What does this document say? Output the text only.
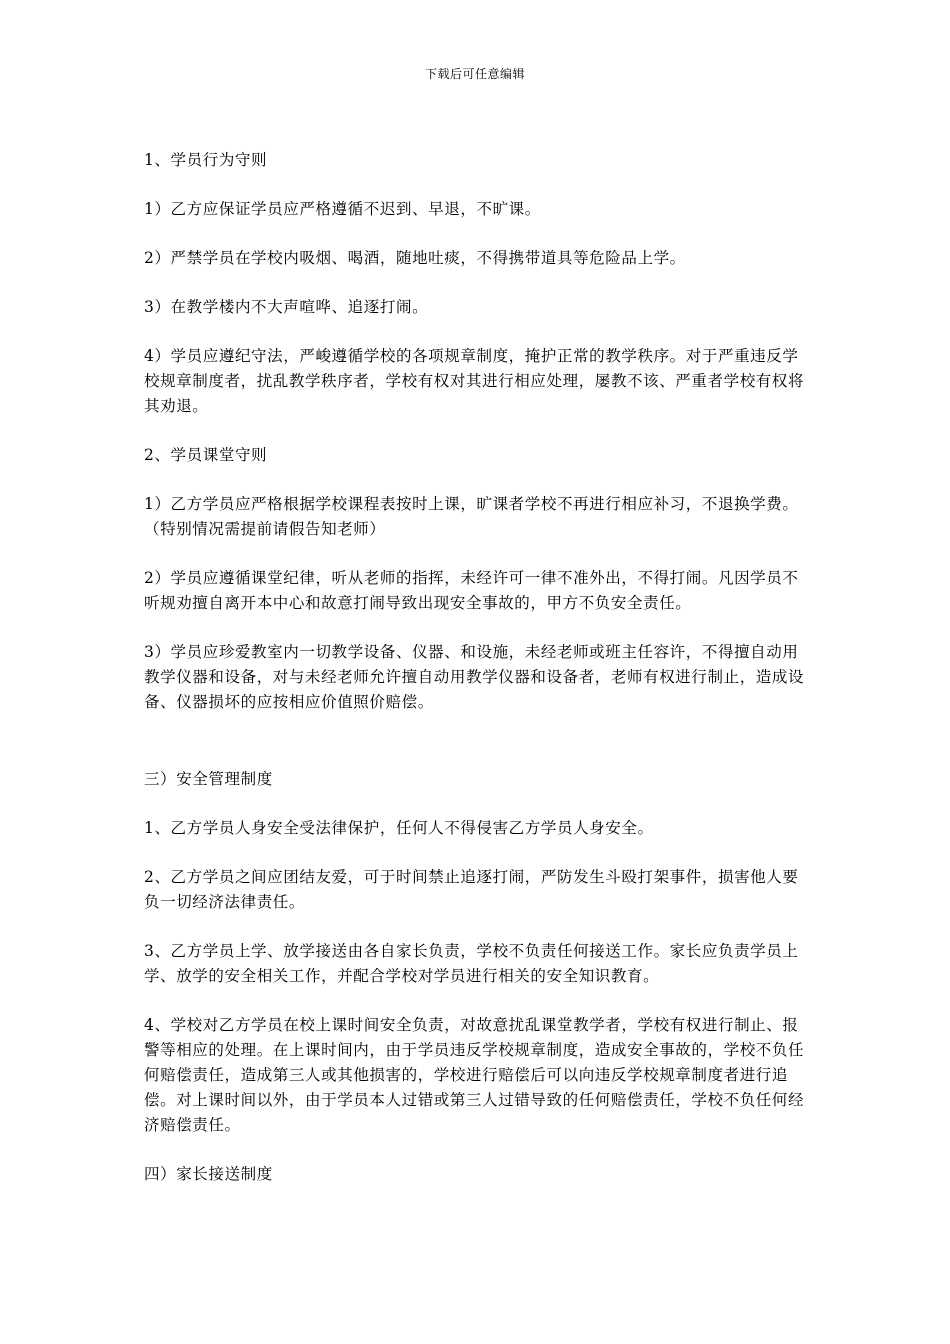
下载后可任意编辑

1、学员行为守则

1）乙方应保证学员应严格遵循不迟到、早退，不旷课。

2）严禁学员在学校内吸烟、喝酒，随地吐痰，不得携带道具等危险品上学。

3）在教学楼内不大声喧哗、追逐打闹。

4）学员应遵纪守法，严峻遵循学校的各项规章制度，掩护正常的教学秩序。对于严重违反学校规章制度者，扰乱教学秩序者，学校有权对其进行相应处理，屡教不该、严重者学校有权将其劝退。

2、学员课堂守则

1）乙方学员应严格根据学校课程表按时上课，旷课者学校不再进行相应补习，不退换学费。（特别情况需提前请假告知老师）

2）学员应遵循课堂纪律，听从老师的指挥，未经许可一律不准外出，不得打闹。凡因学员不听规劝擅自离开本中心和故意打闹导致出现安全事故的，甲方不负安全责任。

3）学员应珍爱教室内一切教学设备、仪器、和设施，未经老师或班主任容许，不得擅自动用教学仪器和设备，对与未经老师允许擅自动用教学仪器和设备者，老师有权进行制止，造成设备、仪器损坏的应按相应价值照价赔偿。

三）安全管理制度

1、乙方学员人身安全受法律保护，任何人不得侵害乙方学员人身安全。

2、乙方学员之间应团结友爱，可于时间禁止追逐打闹，严防发生斗殴打架事件，损害他人要负一切经济法律责任。

3、乙方学员上学、放学接送由各自家长负责，学校不负责任何接送工作。家长应负责学员上学、放学的安全相关工作，并配合学校对学员进行相关的安全知识教育。

4、学校对乙方学员在校上课时间安全负责，对故意扰乱课堂教学者，学校有权进行制止、报警等相应的处理。在上课时间内，由于学员违反学校规章制度，造成安全事故的，学校不负任何赔偿责任，造成第三人或其他损害的，学校进行赔偿后可以向违反学校规章制度者进行追偿。对上课时间以外，由于学员本人过错或第三人过错导致的任何赔偿责任，学校不负任何经济赔偿责任。

四）家长接送制度
